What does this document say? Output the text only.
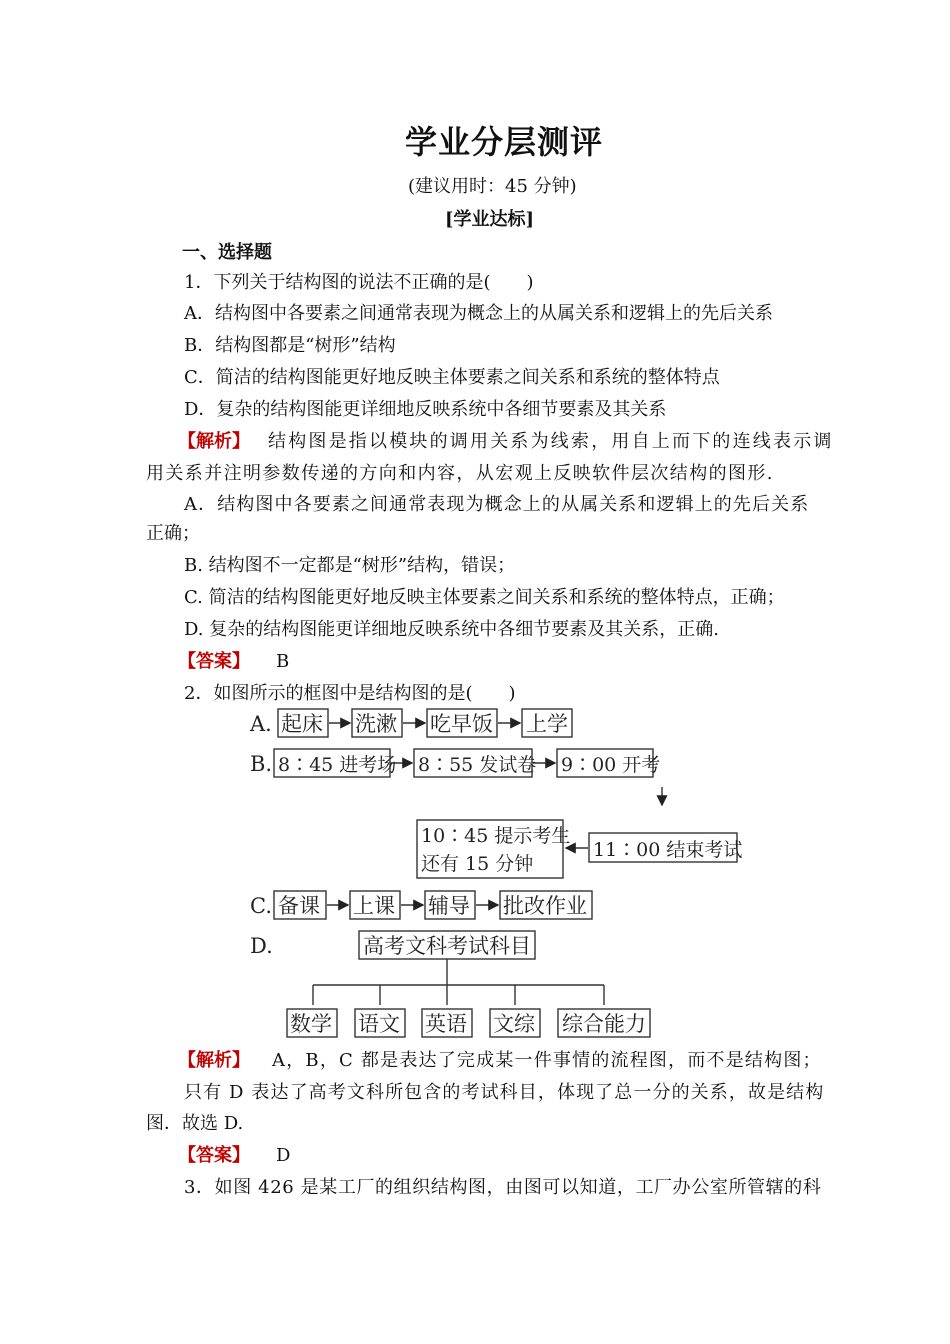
学业分层测评
(建议用时：45 分钟)
[学业达标]
一、选择题
1．下列关于结构图的说法不正确的是(　　)
A．结构图中各要素之间通常表现为概念上的从属关系和逻辑上的先后关系
B．结构图都是“树形”结构
C．简洁的结构图能更好地反映主体要素之间关系和系统的整体特点
D．复杂的结构图能更详细地反映系统中各细节要素及其关系
【解析】 结构图是指以模块的调用关系为线索，用自上而下的连线表示调
用关系并注明参数传递的方向和内容，从宏观上反映软件层次结构的图形.
A．结构图中各要素之间通常表现为概念上的从属关系和逻辑上的先后关系
正确；
B. 结构图不一定都是“树形”结构，错误；
C. 简洁的结构图能更好地反映主体要素之间关系和系统的整体特点，正确；
D. 复杂的结构图能更详细地反映系统中各细节要素及其关系，正确.
【答案】 B
2．如图所示的框图中是结构图的是(　　)
A.
B.
C.
D.
起床 洗漱 吃早饭 上学
8∶45 进考场 8∶55 发试卷 9∶00 开考
11∶00 结束考试
10∶45 提示考生
还有 15 分钟
备课 上课 辅导 批改作业
高考文科考试科目
数学 语文 英语 文综 综合能力
【解析】 A，B，C 都是表达了完成某一件事情的流程图，而不是结构图；
只有 D 表达了高考文科所包含的考试科目，体现了总一分的关系，故是结构
图．故选 D.
【答案】 D
3．如图 426 是某工厂的组织结构图，由图可以知道，工厂办公室所管辖的科
